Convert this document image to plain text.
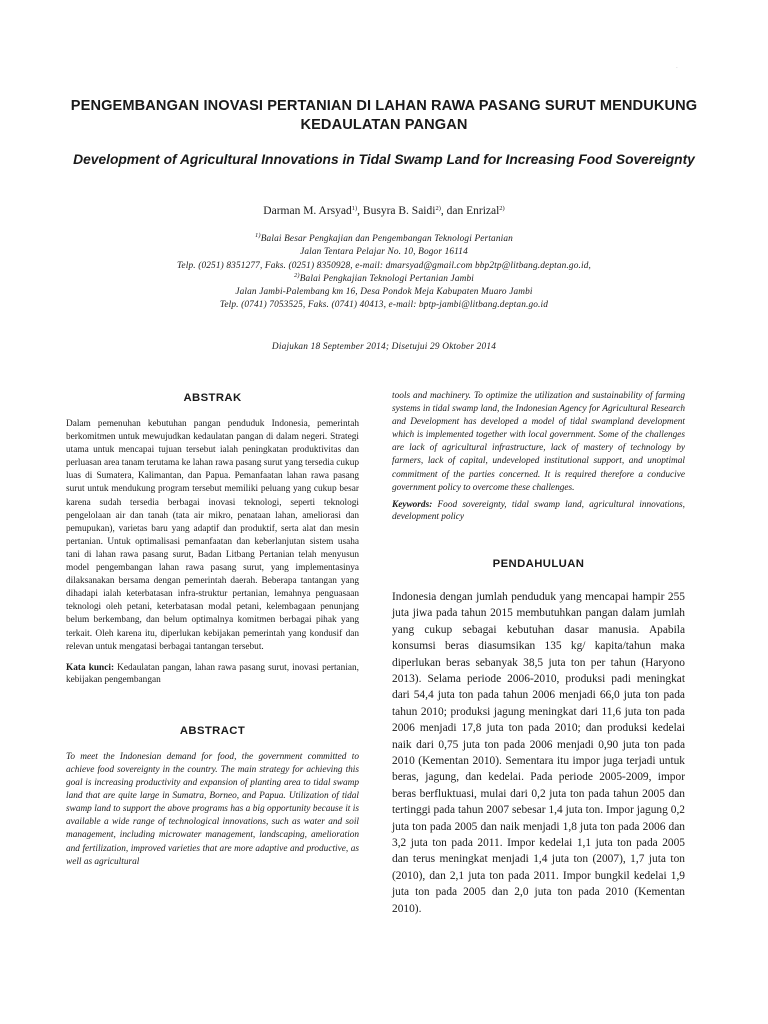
.
PENGEMBANGAN INOVASI PERTANIAN DI LAHAN RAWA PASANG SURUT MENDUKUNG KEDAULATAN PANGAN
Development of Agricultural Innovations in Tidal Swamp Land for Increasing Food Sovereignty
Darman M. Arsyad$^{1)}$, Busyra B. Saidi$^{2)}$, dan Enrizal$^{2)}$
$^{1)}$Balai Besar Pengkajian dan Pengembangan Teknologi Pertanian
Jalan Tentara Pelajar No. 10, Bogor 16114
Telp. (0251) 8351277, Faks. (0251) 8350928, e-mail: dmarsyad@gmail.com bbp2tp@litbang.deptan.go.id,
$^{2)}$Balai Pengkajian Teknologi Pertanian Jambi
Jalan Jambi-Palembang km 16, Desa Pondok Meja Kabupaten Muaro Jambi
Telp. (0741) 7053525, Faks. (0741) 40413, e-mail: bptp-jambi@litbang.deptan.go.id
Diajukan 18 September 2014; Disetujui 29 Oktober 2014
ABSTRAK

Dalam pemenuhan kebutuhan pangan penduduk Indonesia, pemerintah berkomitmen untuk mewujudkan kedaulatan pangan di dalam negeri. Strategi utama untuk mencapai tujuan tersebut ialah peningkatan produktivitas dan perluasan area tanam terutama ke lahan rawa pasang surut yang tersedia cukup luas di Sumatera, Kalimantan, dan Papua. Pemanfaatan lahan rawa pasang surut untuk mendukung program tersebut memiliki peluang yang cukup besar karena sudah tersedia berbagai inovasi teknologi, seperti teknologi pengelolaan air dan tanah (tata air mikro, penataan lahan, ameliorasi dan pemupukan), varietas baru yang adaptif dan produktif, serta alat dan mesin pertanian. Untuk optimalisasi pemanfaatan dan keberlanjutan sistem usaha tani di lahan rawa pasang surut, Badan Litbang Pertanian telah menyusun model pengembangan lahan rawa pasang surut, yang implementasinya dilaksanakan bersama dengan pemerintah daerah. Beberapa tantangan yang dihadapi ialah keterbatasan infra-struktur pertanian, lemahnya penguasaan teknologi oleh petani, keterbatasan modal petani, kelembagaan penunjang belum berkembang, dan belum optimalnya komitmen berbagai pihak yang terkait. Oleh karena itu, diperlukan kebijakan pemerintah yang kondusif dan relevan untuk mengatasi berbagai tantangan tersebut.

Kata kunci: Kedaulatan pangan, lahan rawa pasang surut, inovasi pertanian, kebijakan pengembangan

ABSTRACT

To meet the Indonesian demand for food, the government committed to achieve food sovereignty in the country. The main strategy for achieving this goal is increasing productivity and expansion of planting area to tidal swamp land that are quite large in Sumatra, Borneo, and Papua. Utilization of tidal swamp land to support the above programs has a big opportunity because it is available a wide range of technological innovations, such as water and soil management, including microwater management, landscaping, amelioration and fertilization, improved varieties that are more adaptive and productive, as well as agricultural

tools and machinery. To optimize the utilization and sustainability of farming systems in tidal swamp land, the Indonesian Agency for Agricultural Research and Development has developed a model of tidal swampland development which is implemented together with local government. Some of the challenges are lack of agricultural infrastructure, lack of mastery of technology by farmers, lack of capital, undeveloped institutional support, and unoptimal commitment of the parties concerned. It is required therefore a conducive government policy to overcome these challenges.

Keywords: Food sovereignty, tidal swamp land, agricultural innovations, development policy

PENDAHULUAN

Indonesia dengan jumlah penduduk yang mencapai hampir 255 juta jiwa pada tahun 2015 membutuhkan pangan dalam jumlah yang cukup sebagai kebutuhan dasar manusia. Apabila konsumsi beras diasumsikan 135 kg/ kapita/tahun maka diperlukan beras sebanyak 38,5 juta ton per tahun (Haryono 2013). Selama periode 2006-2010, produksi padi meningkat dari 54,4 juta ton pada tahun 2006 menjadi 66,0 juta ton pada tahun 2010; produksi jagung meningkat dari 11,6 juta ton pada 2006 menjadi 17,8 juta ton pada 2010; dan produksi kedelai naik dari 0,75 juta ton pada 2006 menjadi 0,90 juta ton pada 2010 (Kementan 2010). Sementara itu impor juga terjadi untuk beras, jagung, dan kedelai. Pada periode 2005-2009, impor beras berfluktuasi, mulai dari 0,2 juta ton pada tahun 2005 dan tertinggi pada tahun 2007 sebesar 1,4 juta ton. Impor jagung 0,2 juta ton pada 2005 dan naik menjadi 1,8 juta ton pada 2006 dan 3,2 juta ton pada 2011. Impor kedelai 1,1 juta ton pada 2005 dan terus meningkat menjadi 1,4 juta ton (2007), 1,7 juta ton (2010), dan 2,1 juta ton pada 2011. Impor bungkil kedelai 1,9 juta ton pada 2005 dan 2,0 juta ton pada 2010 (Kementan 2010).
